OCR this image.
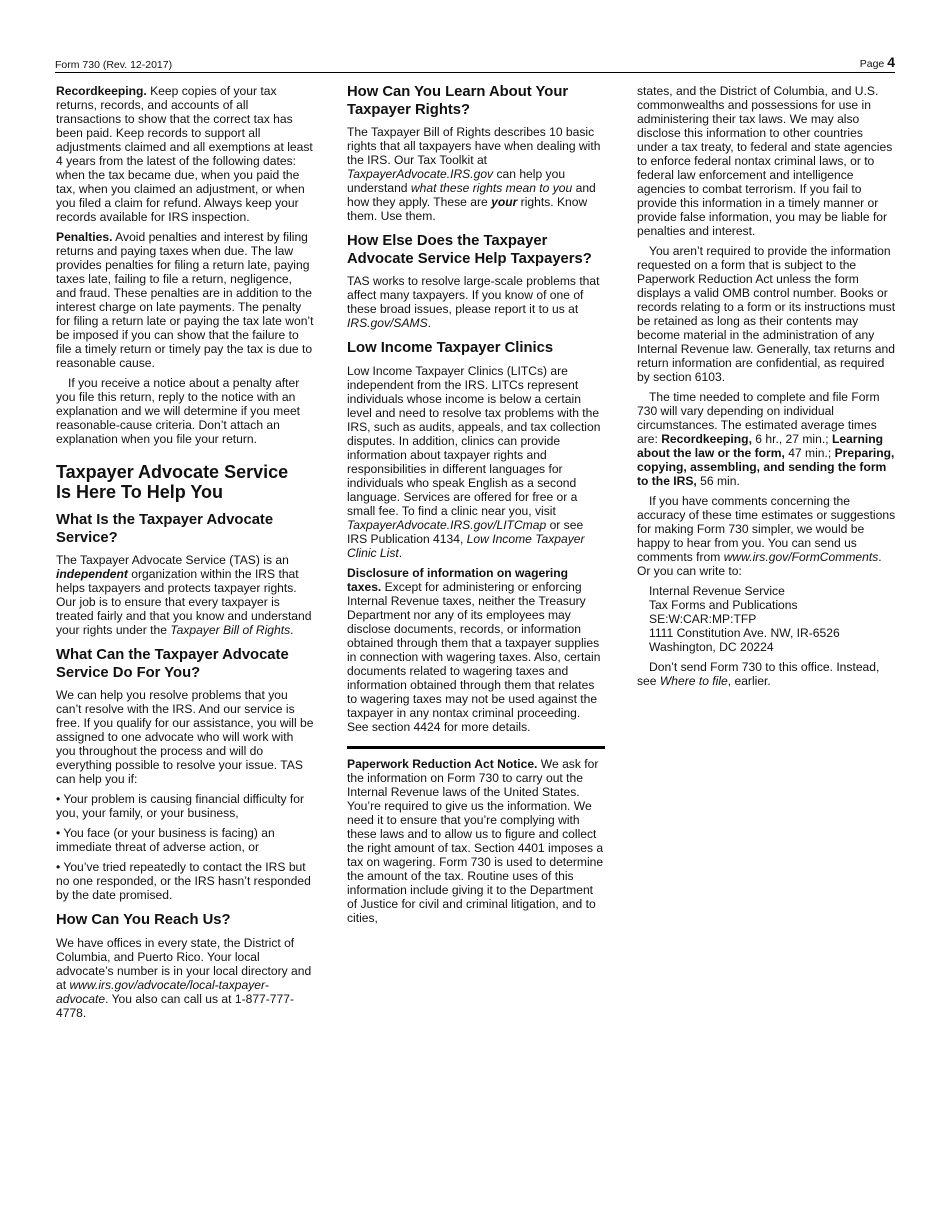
Form 730 (Rev. 12-2017)	Page 4

Recordkeeping. Keep copies of your tax returns, records, and accounts of all transactions to show that the correct tax has been paid. Keep records to support all adjustments claimed and all exemptions at least 4 years from the latest of the following dates: when the tax became due, when you paid the tax, when you claimed an adjustment, or when you filed a claim for refund. Always keep your records available for IRS inspection.

Penalties. Avoid penalties and interest by filing returns and paying taxes when due. The law provides penalties for filing a return late, paying taxes late, failing to file a return, negligence, and fraud. These penalties are in addition to the interest charge on late payments. The penalty for filing a return late or paying the tax late won’t be imposed if you can show that the failure to file a timely return or timely pay the tax is due to reasonable cause.

If you receive a notice about a penalty after you file this return, reply to the notice with an explanation and we will determine if you meet reasonable-cause criteria. Don’t attach an explanation when you file your return.

Taxpayer Advocate Service
Is Here To Help You
What Is the Taxpayer Advocate Service?

The Taxpayer Advocate Service (TAS) is an independent organization within the IRS that helps taxpayers and protects taxpayer rights. Our job is to ensure that every taxpayer is treated fairly and that you know and understand your rights under the Taxpayer Bill of Rights.

What Can the Taxpayer Advocate Service Do For You?

We can help you resolve problems that you can’t resolve with the IRS. And our service is free. If you qualify for our assistance, you will be assigned to one advocate who will work with you throughout the process and will do everything possible to resolve your issue. TAS can help you if:

• Your problem is causing financial difficulty for you, your family, or your business,

• You face (or your business is facing) an immediate threat of adverse action, or

• You’ve tried repeatedly to contact the IRS but no one responded, or the IRS hasn’t responded by the date promised.

How Can You Reach Us?

We have offices in every state, the District of Columbia, and Puerto Rico. Your local advocate’s number is in your local directory and at www.irs.gov/advocate/local-taxpayer-advocate. You also can call us at 1-877-777-4778.

How Can You Learn About Your Taxpayer Rights?

The Taxpayer Bill of Rights describes 10 basic rights that all taxpayers have when dealing with the IRS. Our Tax Toolkit at TaxpayerAdvocate.IRS.gov can help you understand what these rights mean to you and how they apply. These are your rights. Know them. Use them.

How Else Does the Taxpayer Advocate Service Help Taxpayers?

TAS works to resolve large-scale problems that affect many taxpayers. If you know of one of these broad issues, please report it to us at IRS.gov/SAMS.

Low Income Taxpayer Clinics

Low Income Taxpayer Clinics (LITCs) are independent from the IRS. LITCs represent individuals whose income is below a certain level and need to resolve tax problems with the IRS, such as audits, appeals, and tax collection disputes. In addition, clinics can provide information about taxpayer rights and responsibilities in different languages for individuals who speak English as a second language. Services are offered for free or a small fee. To find a clinic near you, visit TaxpayerAdvocate.IRS.gov/LITCmap or see IRS Publication 4134, Low Income Taxpayer Clinic List.

Disclosure of information on wagering taxes. Except for administering or enforcing Internal Revenue taxes, neither the Treasury Department nor any of its employees may disclose documents, records, or information obtained through them that a taxpayer supplies in connection with wagering taxes. Also, certain documents related to wagering taxes and information obtained through them that relates to wagering taxes may not be used against the taxpayer in any nontax criminal proceeding. See section 4424 for more details.

Paperwork Reduction Act Notice. We ask for the information on Form 730 to carry out the Internal Revenue laws of the United States. You’re required to give us the information. We need it to ensure that you’re complying with these laws and to allow us to figure and collect the right amount of tax. Section 4401 imposes a tax on wagering. Form 730 is used to determine the amount of the tax. Routine uses of this information include giving it to the Department of Justice for civil and criminal litigation, and to cities,

states, and the District of Columbia, and U.S. commonwealths and possessions for use in administering their tax laws. We may also disclose this information to other countries under a tax treaty, to federal and state agencies to enforce federal nontax criminal laws, or to federal law enforcement and intelligence agencies to combat terrorism. If you fail to provide this information in a timely manner or provide false information, you may be liable for penalties and interest.

You aren’t required to provide the information requested on a form that is subject to the Paperwork Reduction Act unless the form displays a valid OMB control number. Books or records relating to a form or its instructions must be retained as long as their contents may become material in the administration of any Internal Revenue law. Generally, tax returns and return information are confidential, as required by section 6103.

The time needed to complete and file Form 730 will vary depending on individual circumstances. The estimated average times are: Recordkeeping, 6 hr., 27 min.; Learning about the law or the form, 47 min.; Preparing, copying, assembling, and sending the form to the IRS, 56 min.

If you have comments concerning the accuracy of these time estimates or suggestions for making Form 730 simpler, we would be happy to hear from you. You can send us comments from www.irs.gov/FormComments. Or you can write to:

Internal Revenue Service
Tax Forms and Publications
SE:W:CAR:MP:TFP
1111 Constitution Ave. NW, IR-6526
Washington, DC 20224

Don’t send Form 730 to this office. Instead, see Where to file, earlier.
